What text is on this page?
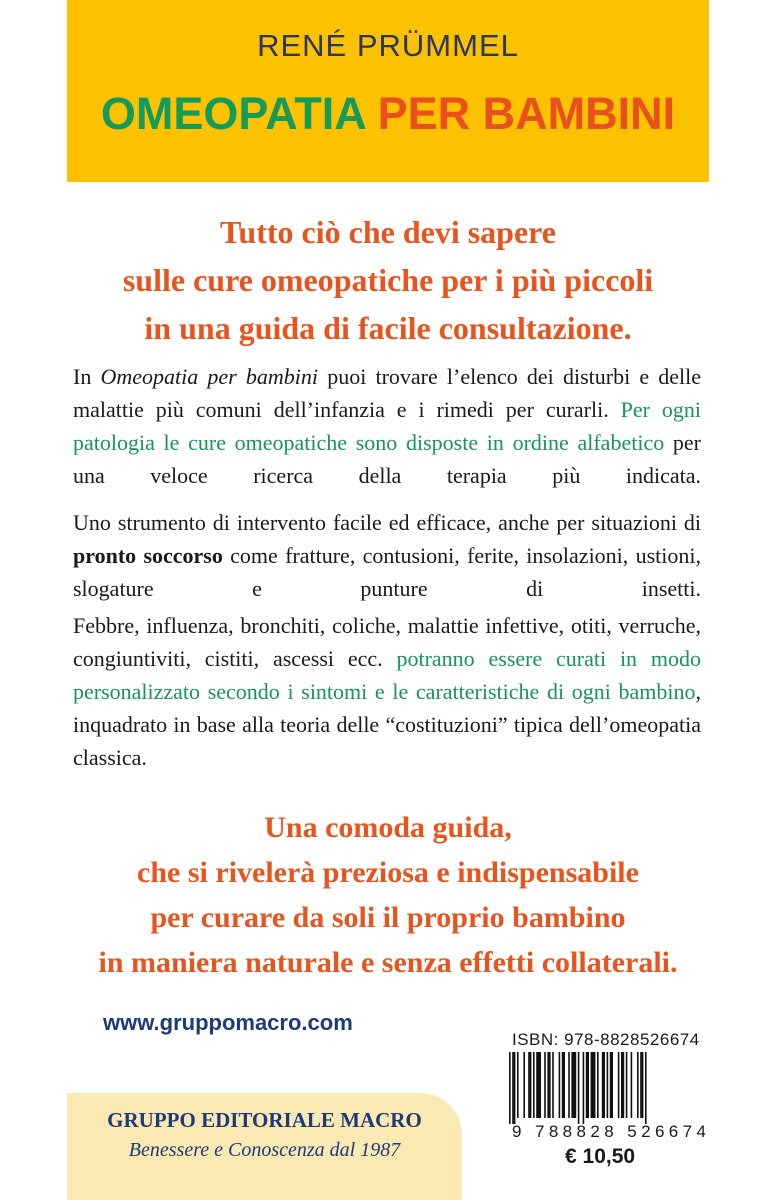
RENÉ PRÜMMEL
OMEOPATIA PER BAMBINI
Tutto ciò che devi sapere
sulle cure omeopatiche per i più piccoli
in una guida di facile consultazione.

In Omeopatia per bambini puoi trovare l’elenco dei disturbi e delle malattie più comuni dell’infanzia e i rimedi per curarli. Per ogni patologia le cure omeopatiche sono disposte in ordine alfabetico per una veloce ricerca della terapia più indicata.

Uno strumento di intervento facile ed efficace, anche per situazioni di pronto soccorso come fratture, contusioni, ferite, insolazioni, ustioni, slogature e punture di insetti.

Febbre, influenza, bronchiti, coliche, malattie infettive, otiti, verruche, congiuntiviti, cistiti, ascessi ecc. potranno essere curati in modo personalizzato secondo i sintomi e le caratteristiche di ogni bambino, inquadrato in base alla teoria delle “costituzioni” tipica dell’omeopatia classica.

Una comoda guida,
che si rivelerà preziosa e indispensabile
per curare da soli il proprio bambino
in maniera naturale e senza effetti collaterali.
www.gruppomacro.com
GRUPPO EDITORIALE MACRO
Benessere e Conoscenza dal 1987
ISBN: 978-8828526674
9 788828 526674
€ 10,50
